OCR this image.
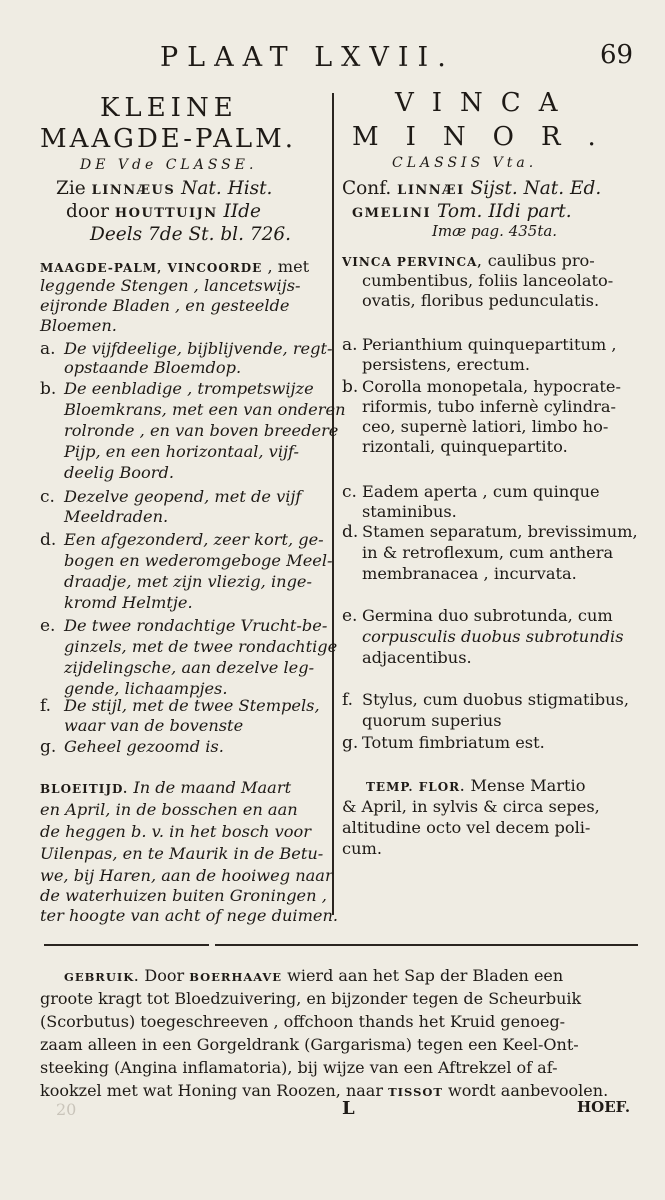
PLAAT LXVII.	69
KLEINE
MAAGDE-PALM.
DE Vde CLASSE.
Zie LINNÆUS Nat. Hist.
door HOUTTUIJN IIde
Deels 7de St. bl. 726.
MAAGDE-PALM, VINCOORDE , met
leggende Stengen , lancetswijs-
eijronde Bladen , en gesteelde
Bloemen.
a. De vijfdeelige, bijblijvende, regt-
opstaande Bloemdop.
b. De eenbladige , trompetswijze
Bloemkrans, met een van onderen
rolronde , en van boven breedere
Pijp, en een horizontaal, vijf-
deelig Boord.
c. Dezelve geopend, met de vijf
Meeldraden.
d. Een afgezonderd, zeer kort, ge-
bogen en wederomgeboge Meel-
draadje, met zijn vliezig, inge-
kromd Helmtje.
e. De twee rondachtige Vrucht-be-
ginzels, met de twee rondachtige
zijdelingsche, aan dezelve leg-
gende, lichaampjes.
f. De stijl, met de twee Stempels,
waar van de bovenste
g. Geheel gezoomd is.
BLOEITIJD. In de maand Maart
en April, in de bosschen en aan
de heggen b. v. in het bosch voor
Uilenpas, en te Maurik in de Betu-
we, bij Haren, aan de hooiweg naar
de waterhuizen buiten Groningen ,
ter hoogte van acht of nege duimen.
VINCA
MINOR.
CLASSIS Vta.
Conf. LINNÆI Sijst. Nat. Ed.
GMELINI Tom. IIdi part.
Imæ pag. 435ta.
VINCA PERVINCA, caulibus pro-
cumbentibus, foliis lanceolato-
ovatis, floribus pedunculatis.
a. Perianthium quinquepartitum ,
persistens, erectum.
b. Corolla monopetala, hypocrate-
riformis, tubo infernè cylindra-
ceo, supernè latiori, limbo ho-
rizontali, quinquepartito.
c. Eadem aperta , cum quinque
staminibus.
d. Stamen separatum, brevissimum,
in & retroflexum, cum anthera
membranacea , incurvata.
e. Germina duo subrotunda, cum
corpusculis duobus subrotundis
adjacentibus.
f. Stylus, cum duobus stigmatibus,
quorum superius
g. Totum fimbriatum est.
TEMP. FLOR. Mense Martio
& April, in sylvis & circa sepes,
altitudine octo vel decem poli-
cum.
GEBRUIK. Door BOERHAAVE wierd aan het Sap der Bladen een
groote kragt tot Bloedzuivering, en bijzonder tegen de Scheurbuik
(Scorbutus) toegeschreeven , offchoon thands het Kruid genoeg-
zaam alleen in een Gorgeldrank (Gargarisma) tegen een Keel-Ont-
steeking (Angina inflamatoria), bij wijze van een Aftrekzel of af-
kookzel met wat Honing van Roozen, naar TISSOT wordt aanbevoolen.
L	HOEF.
20
